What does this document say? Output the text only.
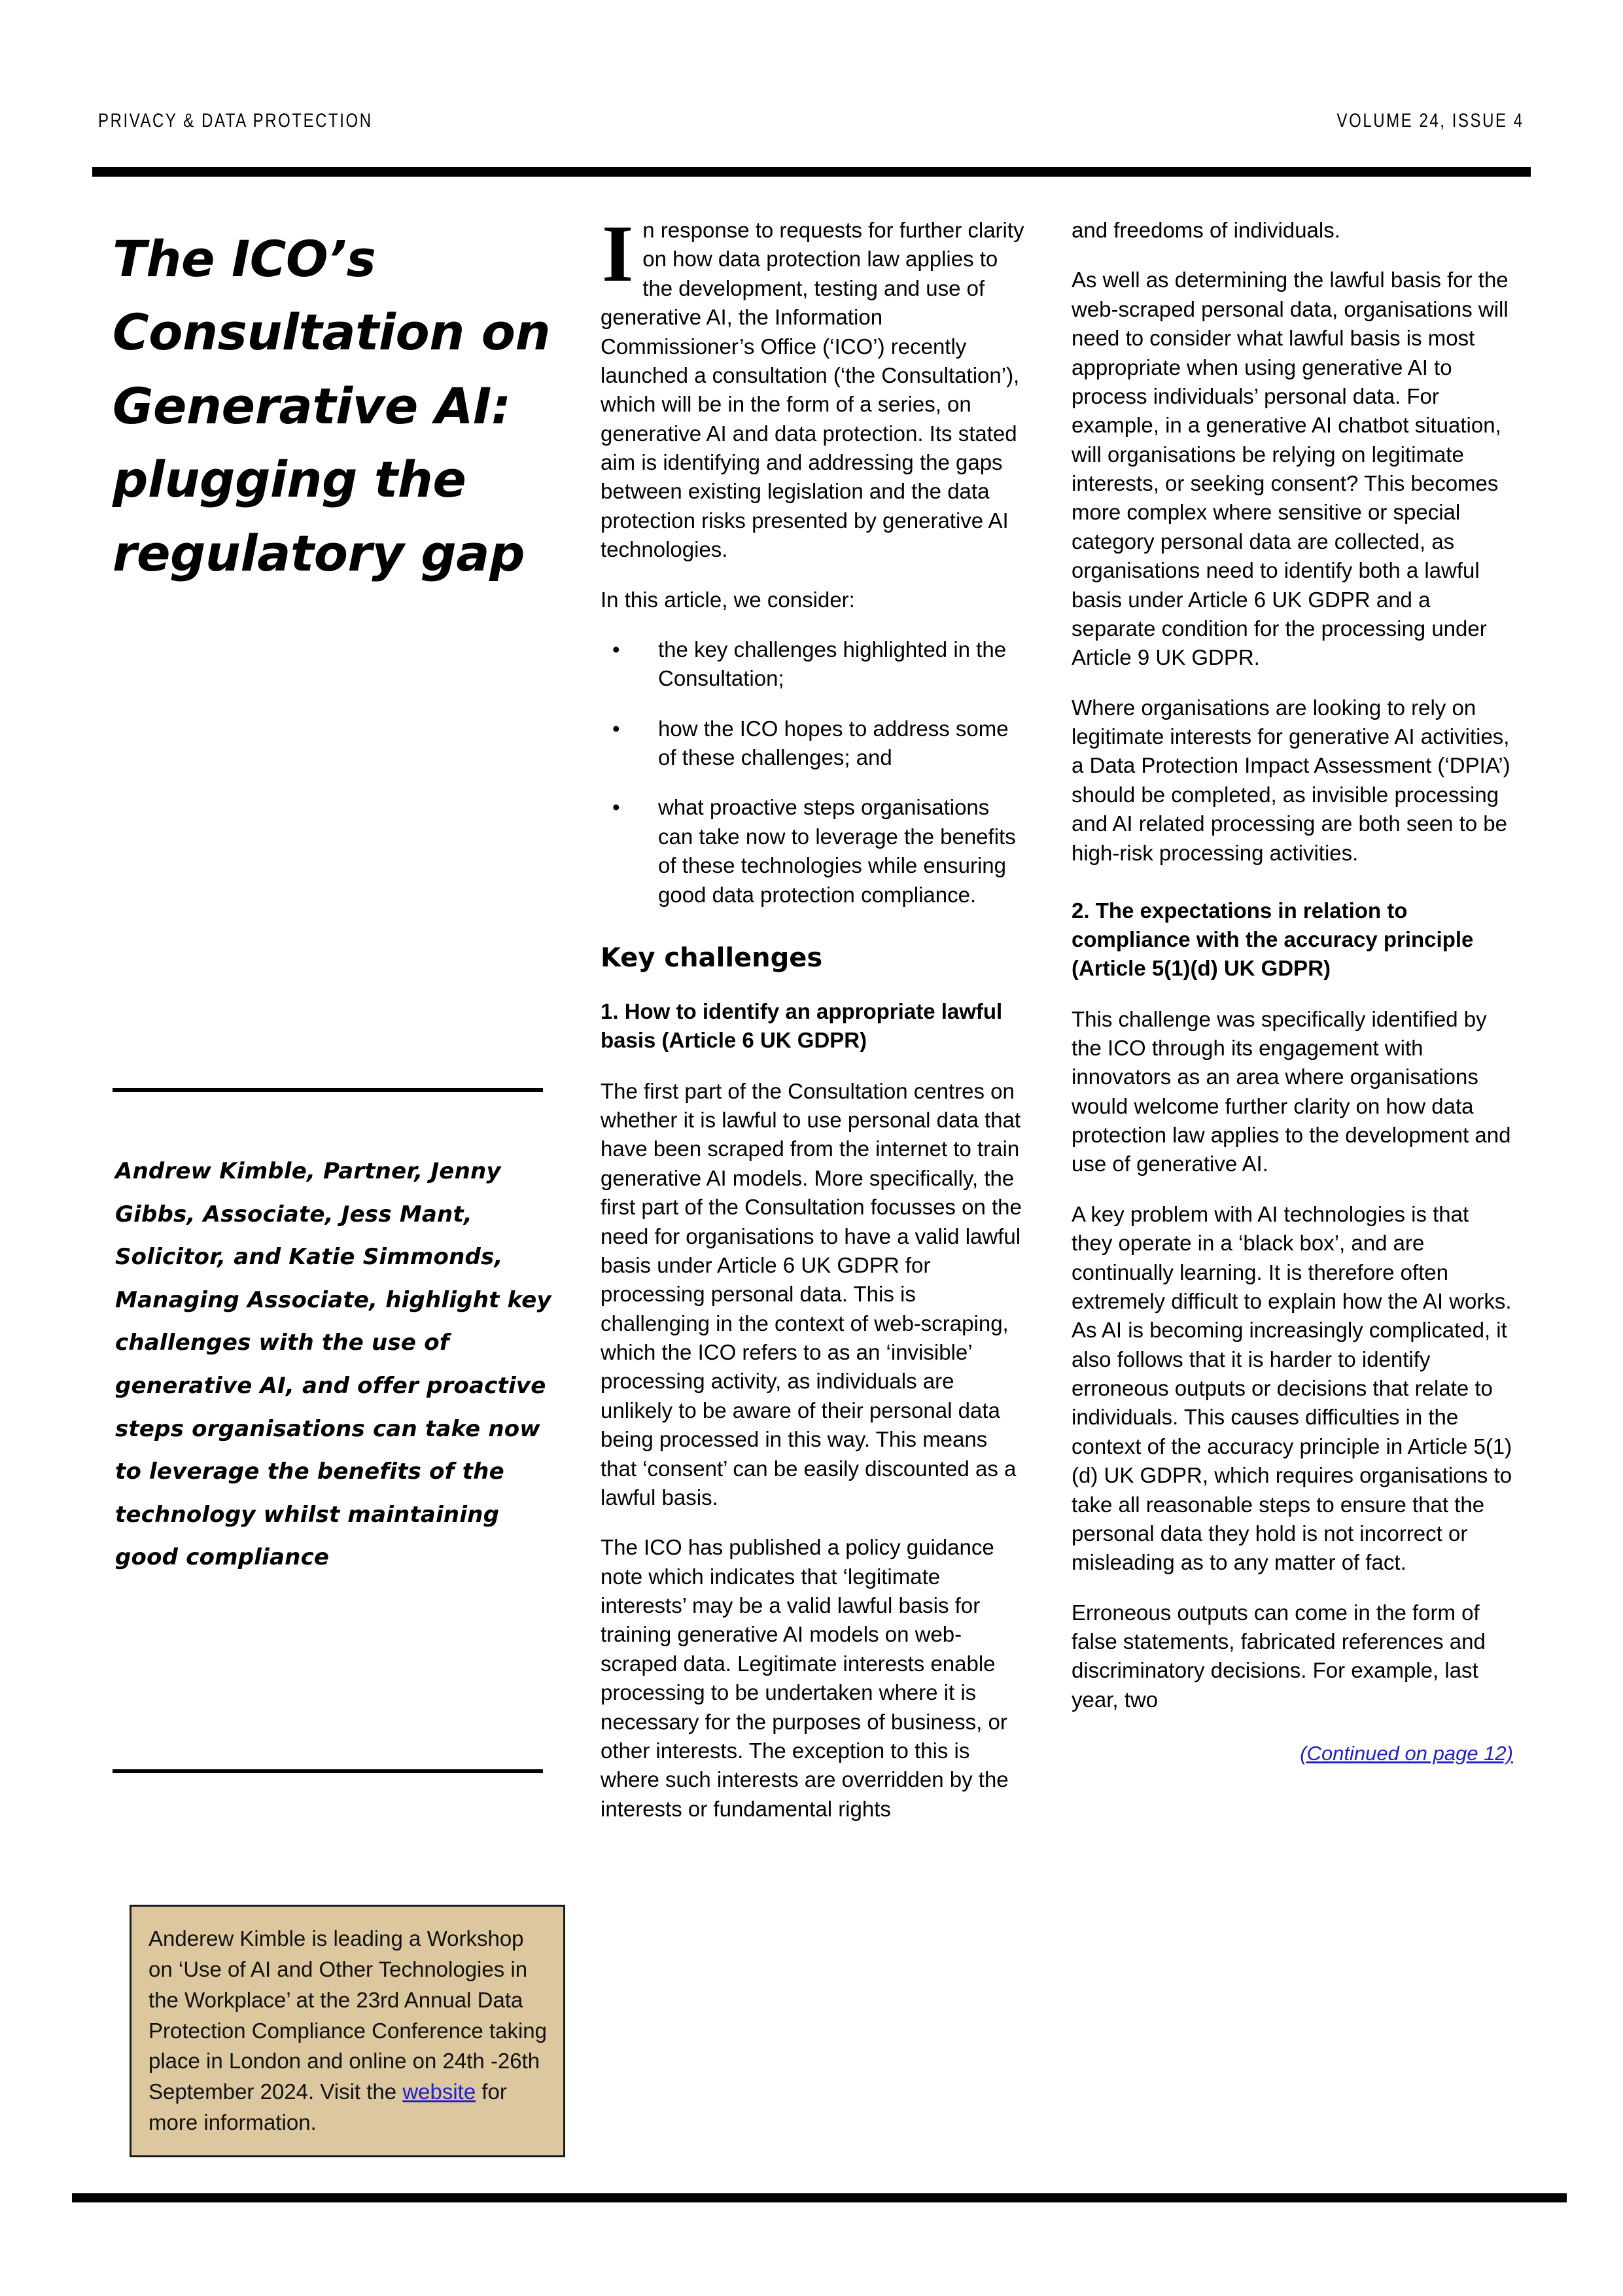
PRIVACY & DATA PROTECTION	VOLUME 24, ISSUE 4
The ICO’s Consultation on Generative AI: plugging the regulatory gap
Andrew Kimble, Partner, Jenny Gibbs, Associate, Jess Mant, Solicitor, and Katie Simmonds, Managing Associate, highlight key challenges with the use of generative AI, and offer proactive steps organisations can take now to leverage the benefits of the technology whilst maintaining good compliance

Anderew Kimble is leading a Workshop on ‘Use of AI and Other Technologies in the Workplace’ at the 23rd Annual Data Protection Compliance Conference taking place in London and online on 24th -26th September 2024. Visit the website for more information.

In response to requests for further clarity on how data protection law applies to the development, testing and use of generative AI, the Information Commissioner’s Office (‘ICO’) recently launched a consultation (‘the Consultation’), which will be in the form of a series, on generative AI and data protection. Its stated aim is identifying and addressing the gaps between existing legislation and the data protection risks presented by generative AI technologies.

In this article, we consider:

• the key challenges highlighted in the Consultation;
• how the ICO hopes to address some of these challenges; and
• what proactive steps organisations can take now to leverage the benefits of these technologies while ensuring good data protection compliance.
Key challenges
1. How to identify an appropriate lawful basis (Article 6 UK GDPR)

The first part of the Consultation centres on whether it is lawful to use personal data that have been scraped from the internet to train generative AI models. More specifically, the first part of the Consultation focusses on the need for organisations to have a valid lawful basis under Article 6 UK GDPR for processing personal data. This is challenging in the context of web-scraping, which the ICO refers to as an ‘invisible’ processing activity, as individuals are unlikely to be aware of their personal data being processed in this way. This means that ‘consent’ can be easily discounted as a lawful basis.

The ICO has published a policy guidance note which indicates that ‘legitimate interests’ may be a valid lawful basis for training generative AI models on web-scraped data. Legitimate interests enable processing to be undertaken where it is necessary for the purposes of business, or other interests. The exception to this is where such interests are overridden by the interests or fundamental rights

and freedoms of individuals.

As well as determining the lawful basis for the web-scraped personal data, organisations will need to consider what lawful basis is most appropriate when using generative AI to process individuals’ personal data. For example, in a generative AI chatbot situation, will organisations be relying on legitimate interests, or seeking consent? This becomes more complex where sensitive or special category personal data are collected, as organisations need to identify both a lawful basis under Article 6 UK GDPR and a separate condition for the processing under Article 9 UK GDPR.

Where organisations are looking to rely on legitimate interests for generative AI activities, a Data Protection Impact Assessment (‘DPIA’) should be completed, as invisible processing and AI related processing are both seen to be high-risk processing activities.

2. The expectations in relation to compliance with the accuracy principle (Article 5(1)(d) UK GDPR)

This challenge was specifically identified by the ICO through its engagement with innovators as an area where organisations would welcome further clarity on how data protection law applies to the development and use of generative AI.

A key problem with AI technologies is that they operate in a ‘black box’, and are continually learning. It is therefore often extremely difficult to explain how the AI works. As AI is becoming increasingly complicated, it also follows that it is harder to identify erroneous outputs or decisions that relate to individuals. This causes difficulties in the context of the accuracy principle in Article 5(1)(d) UK GDPR, which requires organisations to take all reasonable steps to ensure that the personal data they hold is not incorrect or misleading as to any matter of fact.

Erroneous outputs can come in the form of false statements, fabricated references and discriminatory decisions. For example, last year, two

(Continued on page 12)
